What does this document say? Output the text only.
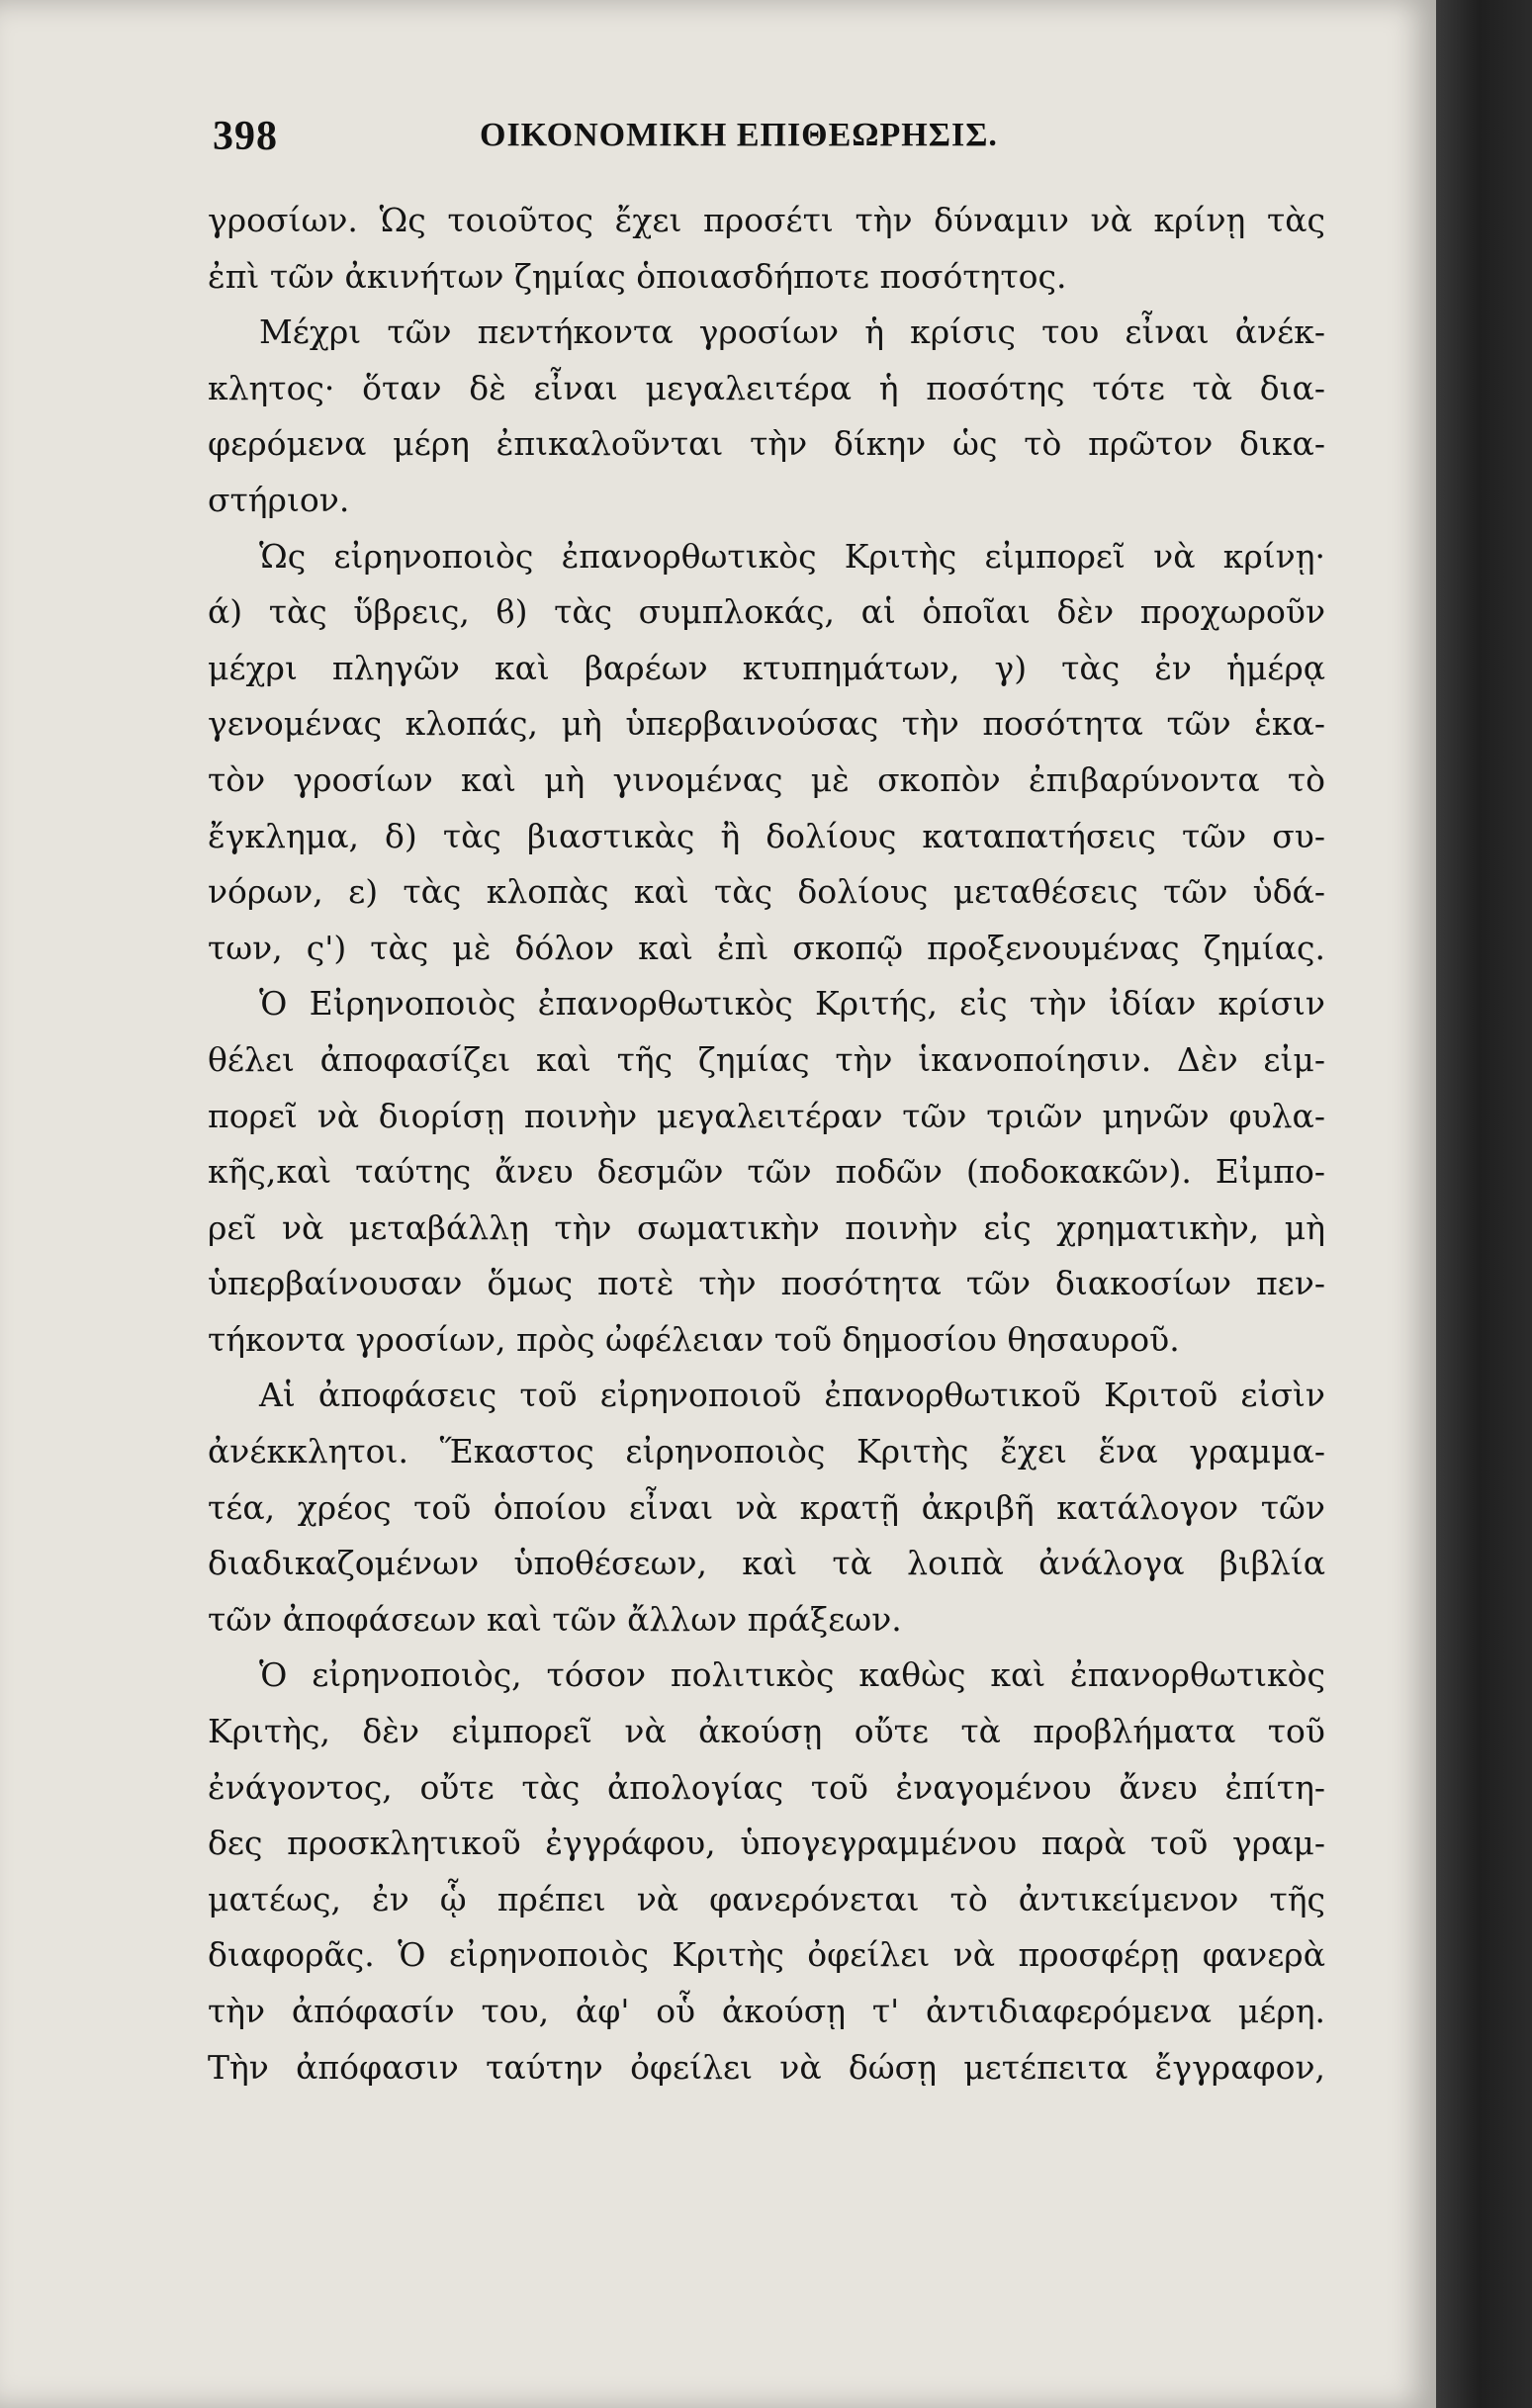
398	ΟΙΚΟΝΟΜΙΚΗ ΕΠΙΘΕΩΡΗΣΙΣ.
γροσίων. Ὡς τοιοῦτος ἔχει προσέτι τὴν δύναμιν νὰ κρίνῃ τὰς
ἐπὶ τῶν ἀκινήτων ζημίας ὁποιασδήποτε ποσότητος.
Μέχρι τῶν πεντήκοντα γροσίων ἡ κρίσις του εἶναι ἀνέκ-
κλητος· ὅταν δὲ εἶναι μεγαλειτέρα ἡ ποσότης τότε τὰ δια-
φερόμενα μέρη ἐπικαλοῦνται τὴν δίκην ὡς τὸ πρῶτον δικα-
στήριον.
Ὡς εἰρηνοποιὸς ἐπανορθωτικὸς Κριτὴς εἰμπορεῖ νὰ κρίνῃ·
ά) τὰς ὕβρεις, ϐ) τὰς συμπλοκάς, αἱ ὁποῖαι δὲν προχωροῦν
μέχρι πληγῶν καὶ βαρέων κτυπημάτων, γ) τὰς ἐν ἡμέρᾳ
γενομένας κλοπάς, μὴ ὑπερβαινούσας τὴν ποσότητα τῶν ἑκα-
τὸν γροσίων καὶ μὴ γινομένας μὲ σκοπὸν ἐπιβαρύνοντα τὸ
ἔγκλημα, δ) τὰς βιαστικὰς ἢ δολίους καταπατήσεις τῶν συ-
νόρων, ε) τὰς κλοπὰς καὶ τὰς δολίους μεταθέσεις τῶν ὑδά-
των, ς') τὰς μὲ δόλον καὶ ἐπὶ σκοπῷ προξενουμένας ζημίας.
Ὁ Εἰρηνοποιὸς ἐπανορθωτικὸς Κριτής, εἰς τὴν ἰδίαν κρίσιν
θέλει ἀποφασίζει καὶ τῆς ζημίας τὴν ἱκανοποίησιν. Δὲν εἰμ-
πορεῖ νὰ διορίσῃ ποινὴν μεγαλειτέραν τῶν τριῶν μηνῶν φυλα-
κῆς,καὶ ταύτης ἄνευ δεσμῶν τῶν ποδῶν (ποδοκακῶν). Εἰμπο-
ρεῖ νὰ μεταβάλλῃ τὴν σωματικὴν ποινὴν εἰς χρηματικὴν, μὴ
ὑπερβαίνουσαν ὅμως ποτὲ τὴν ποσότητα τῶν διακοσίων πεν-
τήκοντα γροσίων, πρὸς ὠφέλειαν τοῦ δημοσίου θησαυροῦ.
Αἱ ἀποφάσεις τοῦ εἰρηνοποιοῦ ἐπανορθωτικοῦ Κριτοῦ εἰσὶν
ἀνέκκλητοι. Ἕκαστος εἰρηνοποιὸς Κριτὴς ἔχει ἕνα γραμμα-
τέα, χρέος τοῦ ὁποίου εἶναι νὰ κρατῇ ἀκριβῆ κατάλογον τῶν
διαδικαζομένων ὑποθέσεων, καὶ τὰ λοιπὰ ἀνάλογα βιβλία
τῶν ἀποφάσεων καὶ τῶν ἄλλων πράξεων.
Ὁ εἰρηνοποιὸς, τόσον πολιτικὸς καθὼς καὶ ἐπανορθωτικὸς
Κριτὴς, δὲν εἰμπορεῖ νὰ ἀκούσῃ οὔτε τὰ προβλήματα τοῦ
ἐνάγοντος, οὔτε τὰς ἀπολογίας τοῦ ἐναγομένου ἄνευ ἐπίτη-
δες προσκλητικοῦ ἐγγράφου, ὑπογεγραμμένου παρὰ τοῦ γραμ-
ματέως, ἐν ᾧ πρέπει νὰ φανερόνεται τὸ ἀντικείμενον τῆς
διαφορᾶς. Ὁ εἰρηνοποιὸς Κριτὴς ὀφείλει νὰ προσφέρῃ φανερὰ
τὴν ἀπόφασίν του, ἀφ' οὗ ἀκούσῃ τ' ἀντιδιαφερόμενα μέρη.
Τὴν ἀπόφασιν ταύτην ὀφείλει νὰ δώσῃ μετέπειτα ἔγγραφον,
